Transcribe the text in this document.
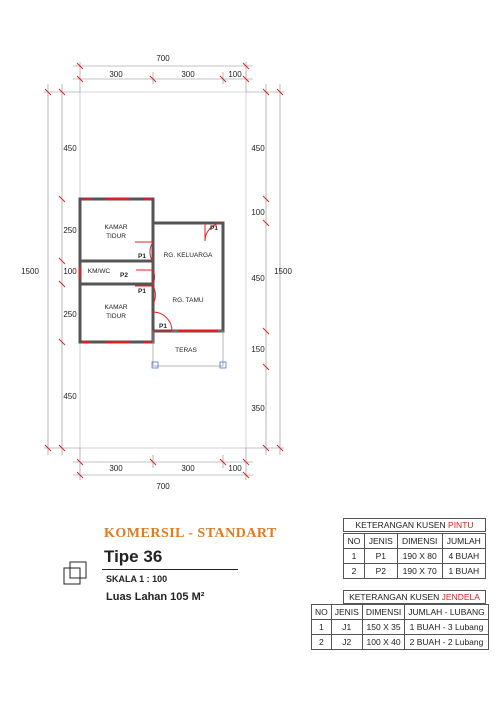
KAMAR
TIDUR
KM/WC
KAMAR
TIDUR
RG. KELUARGA
RG. TAMU
TERAS
P1
P2
P1
P1
P1
700
300	300	100
300	300	100
700
450
250
100
250
450
1500
450
100
450
150
350
1500
KOMERSIL - STANDART
Tipe 36
SKALA 1 : 100
Luas Lahan 105 M²
KETERANGAN KUSEN PINTU
NO	JENIS	DIMENSI	JUMLAH
1	P1	190 X 80	4 BUAH
2	P2	190 X 70	1 BUAH
KETERANGAN KUSEN JENDELA
NO	JENIS	DIMENSI	JUMLAH - LUBANG
1	J1	150 X 35	1 BUAH - 3 Lubang
2	J2	100 X 40	2 BUAH - 2 Lubang
